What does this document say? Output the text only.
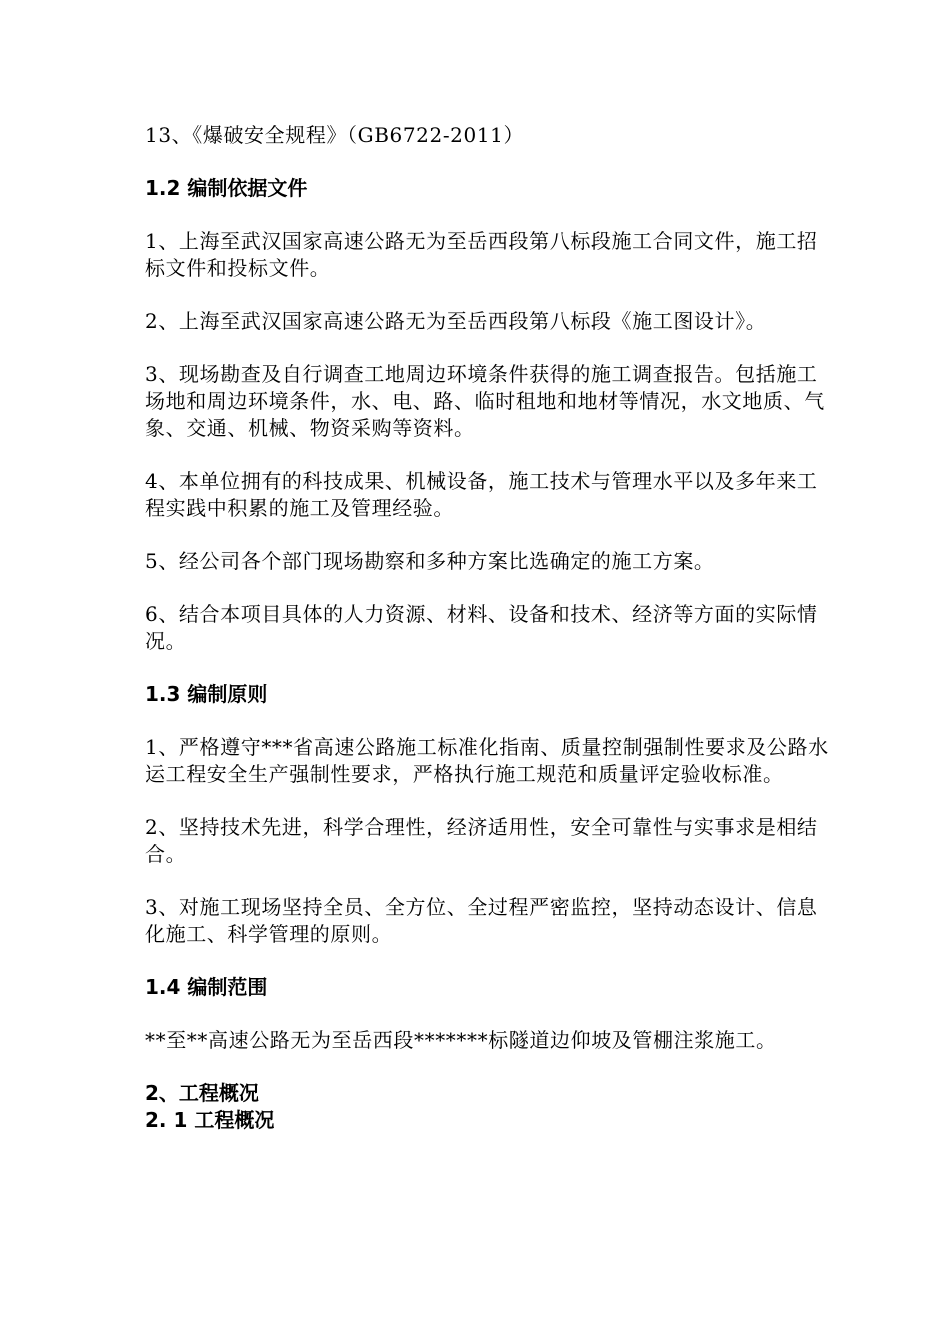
13、《爆破安全规程》（GB6722-2011）

1.2 编制依据文件

1、上海至武汉国家高速公路无为至岳西段第八标段施工合同文件，施工招标文件和投标文件。

2、上海至武汉国家高速公路无为至岳西段第八标段《施工图设计》。

3、现场勘查及自行调查工地周边环境条件获得的施工调查报告。包括施工场地和周边环境条件，水、电、路、临时租地和地材等情况，水文地质、气象、交通、机械、物资采购等资料。

4、本单位拥有的科技成果、机械设备，施工技术与管理水平以及多年来工程实践中积累的施工及管理经验。

5、经公司各个部门现场勘察和多种方案比选确定的施工方案。

6、结合本项目具体的人力资源、材料、设备和技术、经济等方面的实际情况。

1.3 编制原则

1、严格遵守***省高速公路施工标准化指南、质量控制强制性要求及公路水运工程安全生产强制性要求，严格执行施工规范和质量评定验收标准。

2、坚持技术先进，科学合理性，经济适用性，安全可靠性与实事求是相结合。

3、对施工现场坚持全员、全方位、全过程严密监控，坚持动态设计、信息化施工、科学管理的原则。

1.4 编制范围

**至**高速公路无为至岳西段*******标隧道边仰坡及管棚注浆施工。

2、工程概况

2. 1 工程概况
